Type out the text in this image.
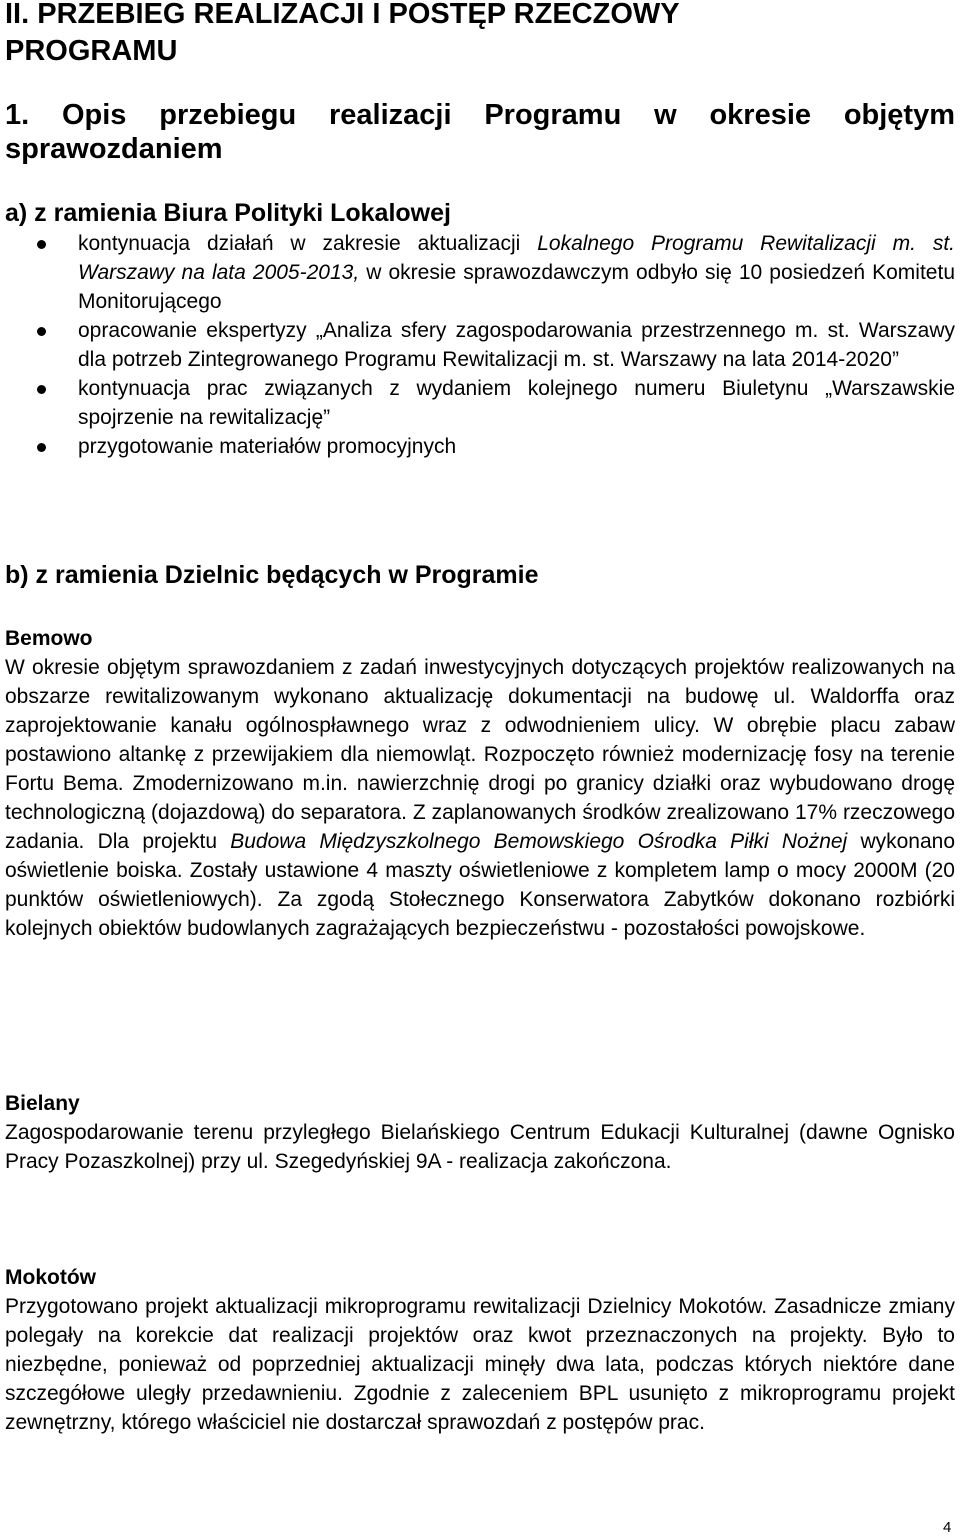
II. PRZEBIEG REALIZACJI I POSTĘP RZECZOWY PROGRAMU
1. Opis przebiegu realizacji Programu w okresie objętym sprawozdaniem
a) z ramienia Biura Polityki Lokalowej
kontynuacja działań w zakresie aktualizacji Lokalnego Programu Rewitalizacji m. st. Warszawy na lata 2005-2013, w okresie sprawozdawczym odbyło się 10 posiedzeń Komitetu Monitorującego
opracowanie ekspertyzy „Analiza sfery zagospodarowania przestrzennego m. st. Warszawy dla potrzeb Zintegrowanego Programu Rewitalizacji m. st. Warszawy na lata 2014-2020”
kontynuacja prac związanych z wydaniem kolejnego numeru Biuletynu „Warszawskie spojrzenie na rewitalizację”
przygotowanie materiałów promocyjnych
b) z ramienia Dzielnic będących w Programie

Bemowo

W okresie objętym sprawozdaniem z zadań inwestycyjnych dotyczących projektów realizowanych na obszarze rewitalizowanym wykonano aktualizację dokumentacji na budowę ul. Waldorffa oraz zaprojektowanie kanału ogólnospławnego wraz z odwodnieniem ulicy. W obrębie placu zabaw postawiono altankę z przewijakiem dla niemowląt. Rozpoczęto również modernizację fosy na terenie Fortu Bema. Zmodernizowano m.in. nawierzchnię drogi po granicy działki oraz wybudowano drogę technologiczną (dojazdową) do separatora. Z zaplanowanych środków zrealizowano 17% rzeczowego zadania. Dla projektu Budowa Międzyszkolnego Bemowskiego Ośrodka Piłki Nożnej wykonano oświetlenie boiska. Zostały ustawione 4 maszty oświetleniowe z kompletem lamp o mocy 2000M (20 punktów oświetleniowych). Za zgodą Stołecznego Konserwatora Zabytków dokonano rozbiórki kolejnych obiektów budowlanych zagrażających bezpieczeństwu - pozostałości powojskowe.

Bielany

Zagospodarowanie terenu przyległego Bielańskiego Centrum Edukacji Kulturalnej (dawne Ognisko Pracy Pozaszkolnej) przy ul. Szegedyńskiej 9A - realizacja zakończona.

Mokotów

Przygotowano projekt aktualizacji mikroprogramu rewitalizacji Dzielnicy Mokotów. Zasadnicze zmiany polegały na korekcie dat realizacji projektów oraz kwot przeznaczonych na projekty. Było to niezbędne, ponieważ od poprzedniej aktualizacji minęły dwa lata, podczas których niektóre dane szczegółowe uległy przedawnieniu. Zgodnie z zaleceniem BPL usunięto z mikroprogramu projekt zewnętrzny, którego właściciel nie dostarczał sprawozdań z postępów prac.

4
